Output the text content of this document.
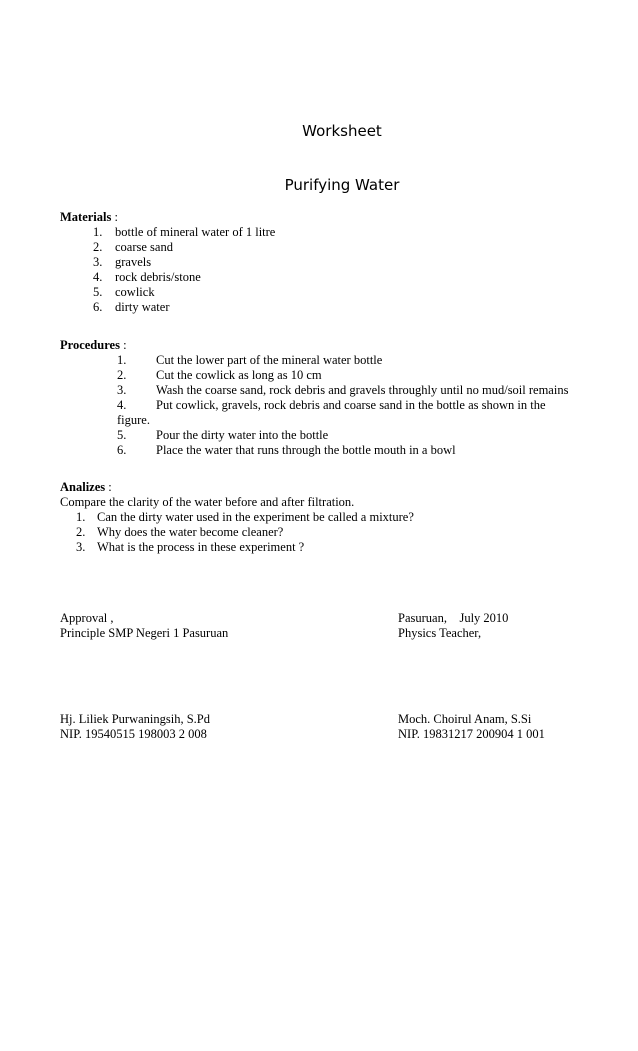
Worksheet
Purifying Water
Materials :
1. bottle of mineral water of 1 litre
2. coarse sand
3. gravels
4. rock debris/stone
5. cowlick
6. dirty water
Procedures :
1. Cut the lower part of the mineral water bottle
2. Cut the cowlick as long as 10 cm
3. Wash the coarse sand, rock debris and gravels throughly until no mud/soil remains
4. Put cowlick, gravels, rock debris and coarse sand in the bottle as shown in the
figure.
5. Pour the dirty water into the bottle
6. Place the water that runs through the bottle mouth in a bowl
Analizes :
Compare the clarity of the water before and after filtration.
1. Can the dirty water used in the experiment be called a mixture?
2. Why does the water become cleaner?
3. What is the process in these experiment ?
Approval ,
Principle SMP Negeri 1 Pasuruan
Pasuruan,    July 2010
Physics Teacher,
Hj. Liliek Purwaningsih, S.Pd
NIP. 19540515 198003 2 008
Moch. Choirul Anam, S.Si
NIP. 19831217 200904 1 001
